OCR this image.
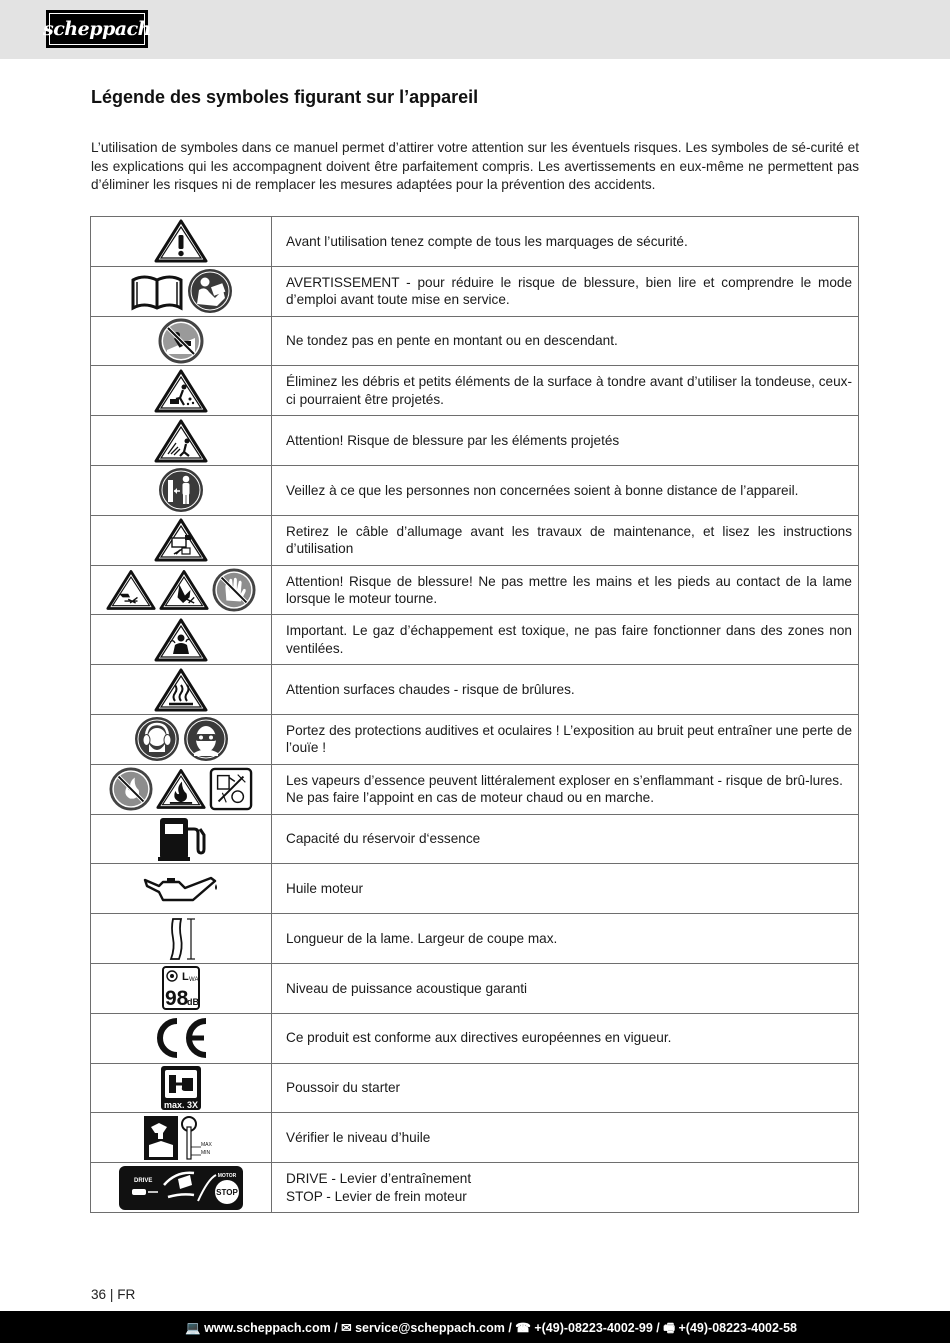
scheppach
Légende des symboles figurant sur l’appareil

L’utilisation de symboles dans ce manuel permet d’attirer votre attention sur les éventuels risques. Les symboles de sé-curité et les explications qui les accompagnent doivent être parfaitement compris. Les avertissements en eux-même ne permettent pas d’éliminer les risques ni de remplacer les mesures adaptées pour la prévention des accidents.

	Avant l’utilisation tenez compte de tous les marquages de sécurité.

	AVERTISSEMENT - pour réduire le risque de blessure, bien lire et comprendre le mode d’emploi avant toute mise en service.

	Ne tondez pas en pente en montant ou en descendant.

	Éliminez les débris et petits éléments de la surface à tondre avant d’utiliser la tondeuse, ceux-ci pourraient être projetés.

	Attention! Risque de blessure par les éléments projetés

	Veillez à ce que les personnes non concernées soient à bonne distance de l’appareil.

	Retirez le câble d’allumage avant les travaux de maintenance, et lisez les instructions d’utilisation

	Attention! Risque de blessure! Ne pas mettre les mains et les pieds au contact de la lame lorsque le moteur tourne.

	Important. Le gaz d’échappement est toxique, ne pas faire fonctionner dans des zones non ventilées.

	Attention surfaces chaudes - risque de brûlures.

	Portez des protections auditives et oculaires ! L’exposition au bruit peut entraîner une perte de l’ouïe !

	Les vapeurs d’essence peuvent littéralement exploser en s’enflammant - risque de brû-lures.
Ne pas faire l’appoint en cas de moteur chaud ou en marche.

	Capacité du réservoir d‘essence

	Huile moteur

	Longueur de la lame. Largeur de coupe max.

L WA
98
dB	Niveau de puissance acoustique garanti

	Ce produit est conforme aux directives européennes en vigueur.

max. 3X	Poussoir du starter

MAX
MIN	Vérifier le niveau d’huile

DRIVE
MOTOR
STOP	DRIVE - Levier d’entraînement
STOP - Levier de frein moteur
36 | FR
💻 www.scheppach.com / ✉ service@scheppach.com / ☎ +(49)-08223-4002-99 / 🖷 +(49)-08223-4002-58
